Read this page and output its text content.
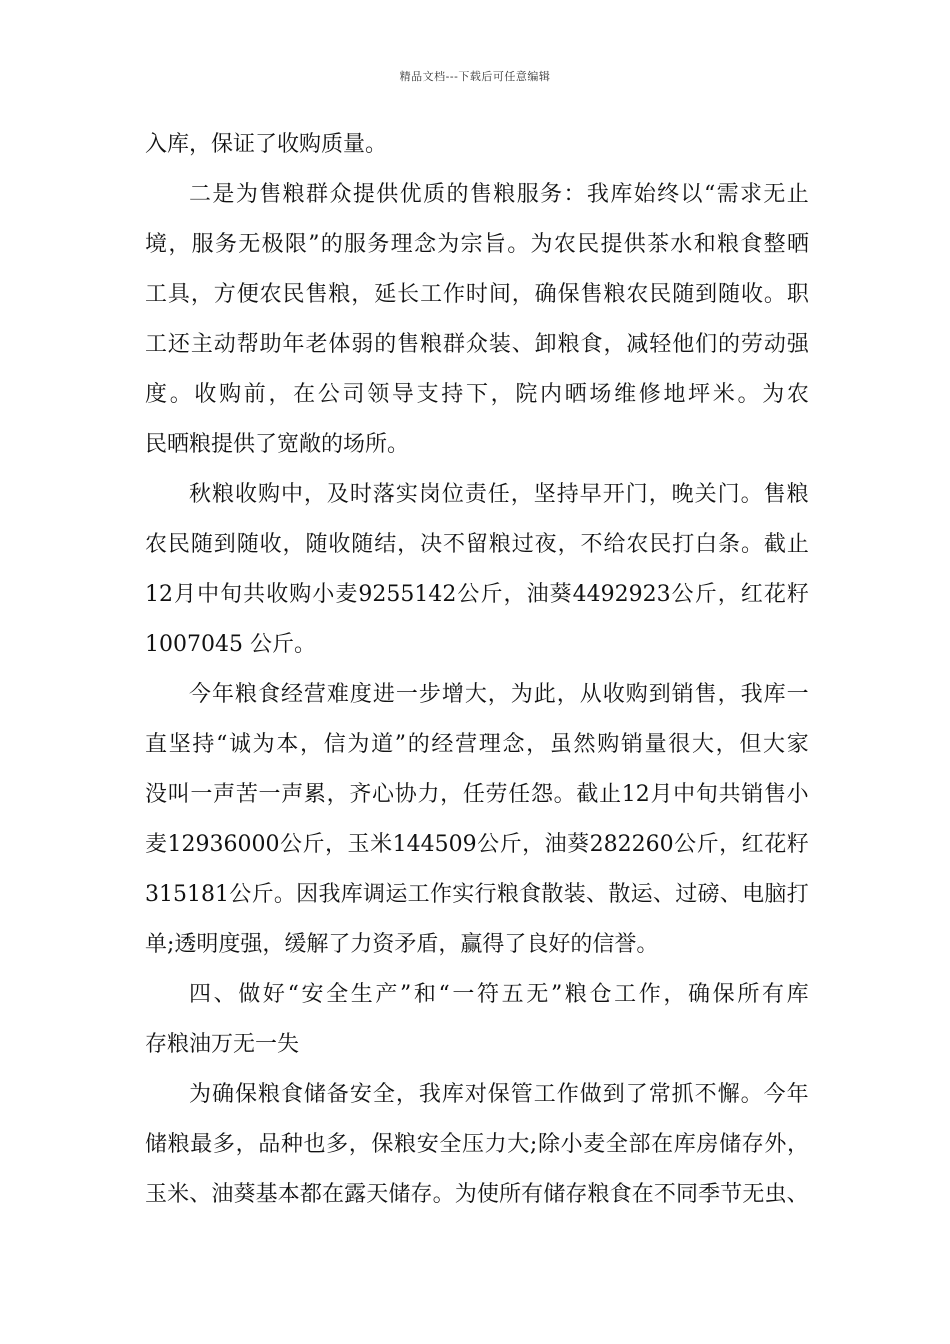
精品文档---下载后可任意编辑
入库，保证了收购质量。
二 是 为 售 粮 群 众 提 供 优 质 的 售 粮 服 务 ： 我 库 始 终 以 “ 需 求 无 止
境 ， 服 务 无 极 限 ” 的 服 务 理 念 为 宗 旨 。 为 农 民 提 供 茶 水 和 粮 食 整 晒
工 具 ， 方 便 农 民 售 粮 ， 延 长 工 作 时 间 ， 确 保 售 粮 农 民 随 到 随 收 。 职
工 还 主 动 帮 助 年 老 体 弱 的 售 粮 群 众 装 、 卸 粮 食 ， 减 轻 他 们 的 劳 动 强
度 。 收 购 前 ， 在 公 司 领 导 支 持 下 ， 院 内 晒 场 维 修 地 坪 米 。 为 农
民晒粮提供了宽敞的场所。
秋 粮 收 购 中 ， 及 时 落 实 岗 位 责 任 ， 坚 持 早 开 门 ， 晚 关 门 。 售 粮
农 民 随 到 随 收 ， 随 收 随 结 ， 决 不 留 粮 过 夜 ， 不 给 农 民 打 白 条 。 截 止
12 月 中 旬 共 收 购 小 麦 9255142 公 斤 ， 油 葵 4492923 公 斤 ， 红 花 籽
1007045 公斤。
今 年 粮 食 经 营 难 度 进 一 步 增 大 ， 为 此 ， 从 收 购 到 销 售 ， 我 库 一
直 坚 持 “ 诚 为 本 ， 信 为 道 ” 的 经 营 理 念 ， 虽 然 购 销 量 很 大 ， 但 大 家
没 叫 一 声 苦 一 声 累 ， 齐 心 协 力 ， 任 劳 任 怨 。 截 止 12 月 中 旬 共 销 售 小
麦 12936000 公 斤 ， 玉 米 144509 公 斤 ， 油 葵 282260 公 斤 ， 红 花 籽
315181 公 斤 。 因 我 库 调 运 工 作 实 行 粮 食 散 装 、 散 运 、 过 磅 、 电 脑 打
单;透明度强，缓解了力资矛盾，赢得了良好的信誉。
四 、 做 好 “ 安 全 生 产 ” 和 “ 一 符 五 无 ” 粮 仓 工 作 ， 确 保 所 有 库
存粮油万无一失
为 确 保 粮 食 储 备 安 全 ， 我 库 对 保 管 工 作 做 到 了 常 抓 不 懈 。 今 年
储 粮 最 多 ， 品 种 也 多 ， 保 粮 安 全 压 力 大 ; 除 小 麦 全 部 在 库 房 储 存 外 ，
玉 米 、 油 葵 基 本 都 在 露 天 储 存 。 为 使 所 有 储 存 粮 食 在 不 同 季 节 无 虫 、
